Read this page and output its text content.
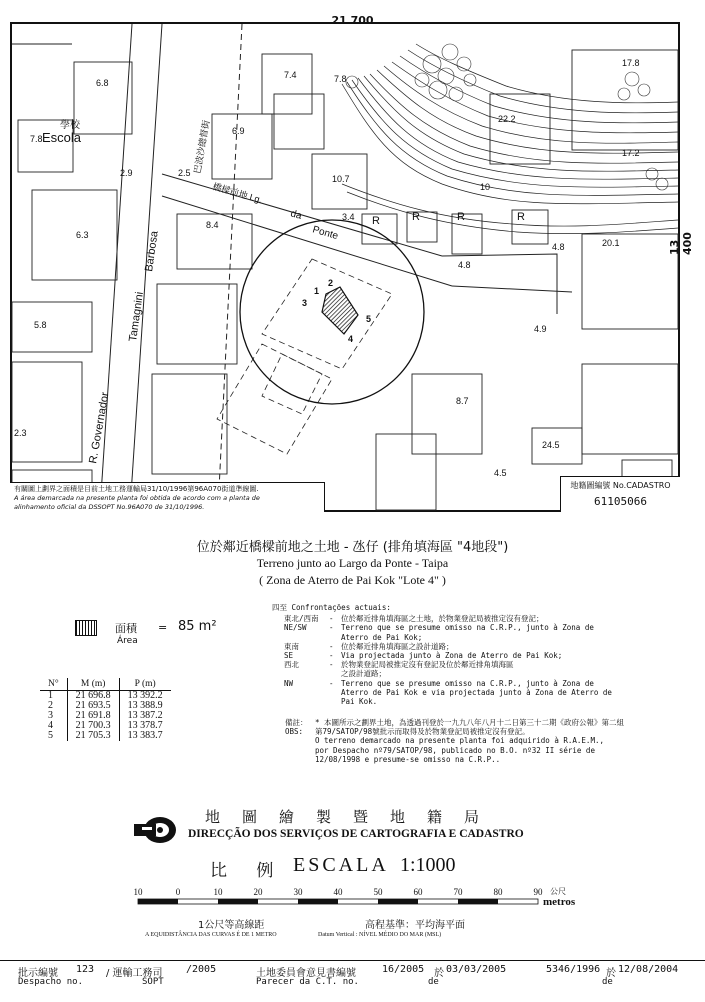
21 700
13 400
學校
Escola	巴波沙總督街
橋樑前地 Lg.
da
Ponte
Barbosa
Tamagnini
R. Governador
R	R	R	R
6.8
7.8
2.9	2.5
6.3
7.4	7.8
6.9
10.7
8.4
3.4
5.8
2.3
4.8
4.8
4.9
20.1
22.2
17.8
17.2
10
8.7
24.5
4.5
1
2
3
4
5
有關圖上劃界之面積是目前土地工務運輸局31/10/1996第96A070街道準線圖.
A área demarcada na presente planta foi obtida de acordo com a planta de
alinhamento oficial da DSSOPT No.96A070 de 31/10/1996.
地籍圖編號 No.CADASTRO
61105066
位於鄰近橋樑前地之土地 - 氹仔 (排角填海區 "4地段")
Terreno junto ao Largo da Ponte - Taipa
( Zona de Aterro de Pai Kok "Lote 4" )
面積 = 85 m²
Área
N°	M (m)	P (m)
1	21 696.8	13 392.2
2	21 693.5	13 388.9
3	21 691.8	13 387.2
4	21 700.3	13 378.7
5	21 705.3	13 383.7
四至 Confrontações actuais:
東北/西南	- 位於鄰近排角填海區之土地，於物業登記局被推定沒有登記；
NE/SW	- Terreno que se presume omisso na C.R.P., junto à Zona de
Aterro de Pai Kok;
東南	- 位於鄰近排角填海區之設計道路；
SE	- Via projectada junto à Zona de Aterro de Pai Kok;
西北	- 於物業登記局被推定沒有登記及位於鄰近排角填海區
之設計道路；
NW	- Terreno que se presume omisso na C.R.P., junto à Zona de
Aterro de Pai Kok e via projectada junto à Zona de Aterro de
Pai Kok.
備註：
OBS:
* 本圖所示之劃界土地，為透過刊登於一九九八年八月十二日第三十二期《政府公報》第二組
第79/SATOP/98號批示而取得及於物業登記局被推定沒有登記。
O terreno demarcado na presente planta foi adquirido à R.A.E.M.,
por Despacho nº79/SATOP/98, publicado no B.O. nº32 II série de
12/08/1998 e presume-se omisso na C.R.P..
地圖繪製暨地籍局
DIRECÇÃO DOS SERVIÇOS DE CARTOGRAFIA E CADASTRO
比 例 ESCALA 1:1000
10	0	10	20	30	40	50	60	70	80	90 公尺
metros
1公尺等高線距
A EQUIDISTÂNCIA DAS CURVAS É DE 1 METRO
高程基準：平均海平面
Datum Vertical : NÍVEL MÉDIO DO MAR (MSL)
批示編號 123 / 運輸工務司 /2005
Despacho no.	SOPT
土地委員會意見書編號	16/2005 於 03/03/2005
Parecer da C.T. no.	de
5346/1996 於 12/08/2004
de
